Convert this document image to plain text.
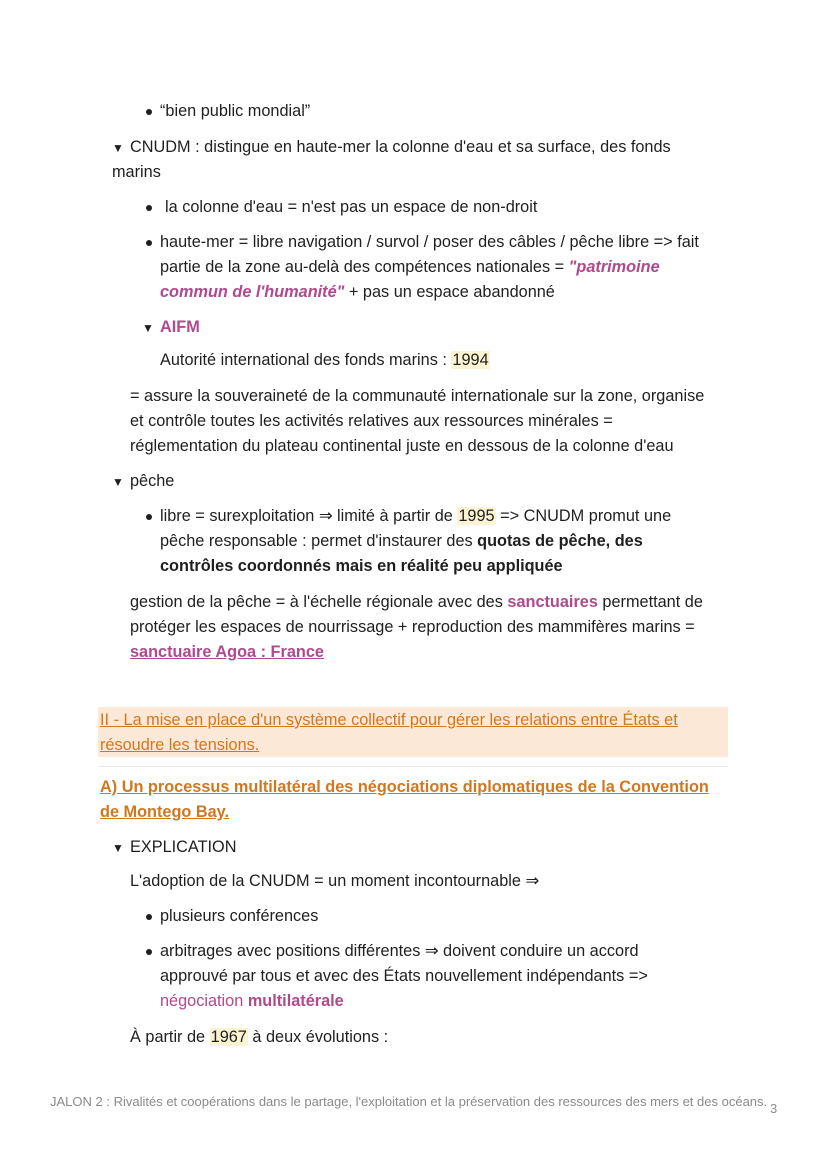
“bien public mondial”
▼ CNUDM : distingue en haute-mer la colonne d'eau et sa surface, des fonds
marins
la colonne d'eau = n'est pas un espace de non-droit
haute-mer = libre navigation / survol / poser des câbles / pêche libre => fait
partie de la zone au-delà des compétences nationales = "patrimoine
commun de l'humanité" + pas un espace abandonné
▼ AIFM
Autorité international des fonds marins : 1994
= assure la souveraineté de la communauté internationale sur la zone, organise
et contrôle toutes les activités relatives aux ressources minérales =
réglementation du plateau continental juste en dessous de la colonne d'eau
▼ pêche
libre = surexploitation ⇒ limité à partir de 1995 => CNUDM promut une
pêche responsable : permet d'instaurer des quotas de pêche, des
contrôles coordonnés mais en réalité peu appliquée
gestion de la pêche = à l'échelle régionale avec des sanctuaires permettant de
protéger les espaces de nourrissage + reproduction des mammifères marins =
sanctuaire Agoa : France
II - La mise en place d'un système collectif pour gérer les relations entre États et
résoudre les tensions.
A) Un processus multilatéral des négociations diplomatiques de la Convention
de Montego Bay.
▼ EXPLICATION
L'adoption de la CNUDM = un moment incontournable ⇒
plusieurs conférences
arbitrages avec positions différentes ⇒ doivent conduire un accord
approuvé par tous et avec des États nouvellement indépendants =>
négociation multilatérale
À partir de 1967 à deux évolutions :
JALON 2 : Rivalités et coopérations dans le partage, l'exploitation et la préservation des ressources des mers et des océans. 3
